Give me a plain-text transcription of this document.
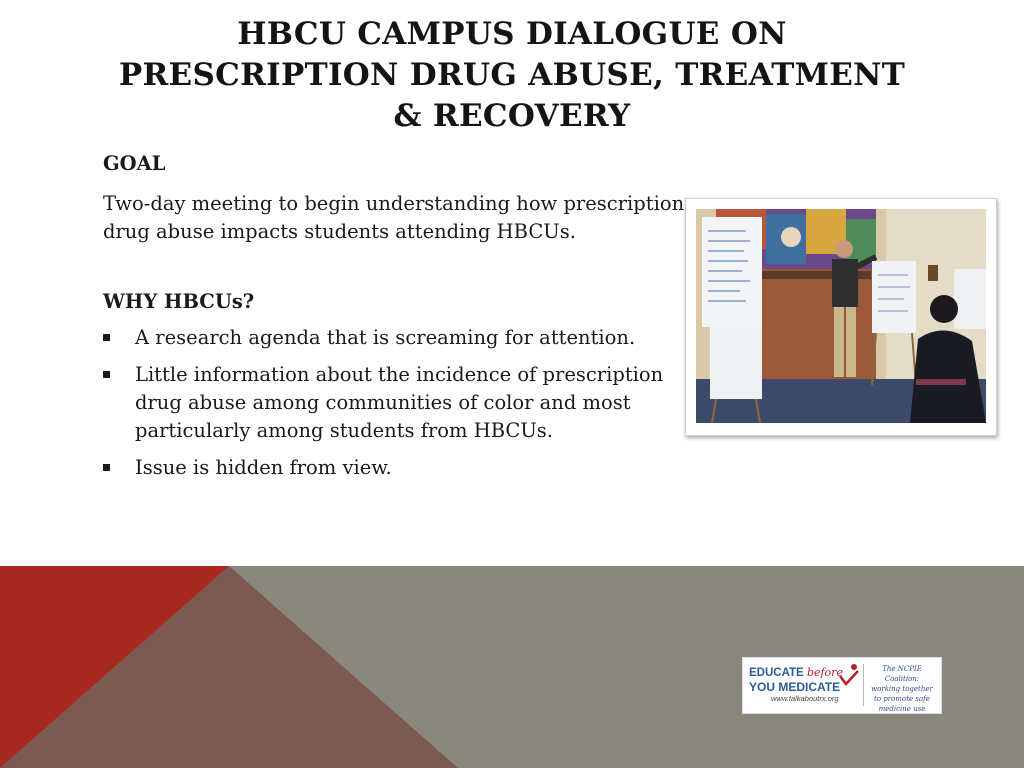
HBCU CAMPUS DIALOGUE ON
PRESCRIPTION DRUG ABUSE, TREATMENT
& RECOVERY

GOAL

Two-day meeting to begin understanding how prescription drug abuse impacts students attending HBCUs.

WHY HBCUs?

A research agenda that is screaming for attention.
Little information about the incidence of prescription drug abuse among communities of color and most particularly among students from HBCUs.
Issue is hidden from view.
EDUCATE before
YOU MEDICATE
www.talkaboutrx.org
The NCPIE Coalition:
working together
to promote safe
medicine use
